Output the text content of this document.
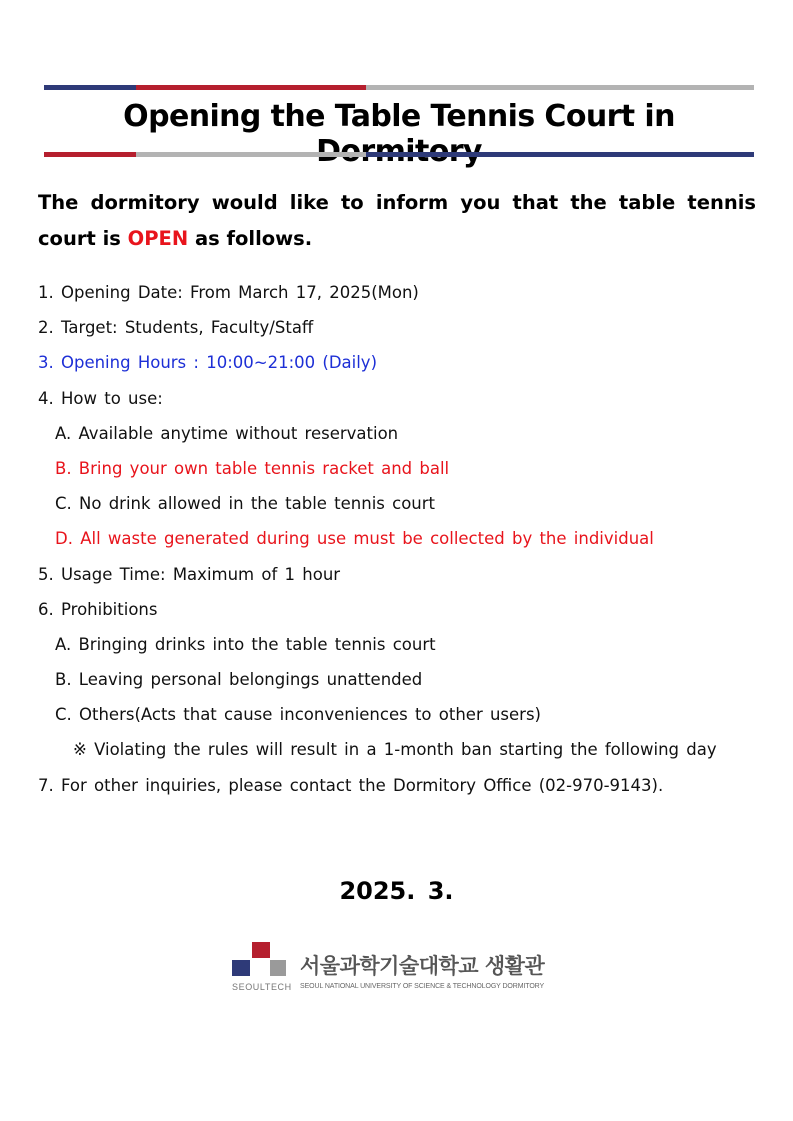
Opening the Table Tennis Court in

The dormitory would like to inform you that the table tennis court is OPEN as follows.

1. Opening Date: From March 17, 2025(Mon)
2. Target: Students, Faculty/Staff
3. Opening Hours : 10:00~21:00 (Daily)
4. How to use:
A. Available anytime without reservation
B. Bring your own table tennis racket and ball
C. No drink allowed in the table tennis court
D. All waste generated during use must be collected by the individual
5. Usage Time: Maximum of 1 hour
6. Prohibitions
A. Bringing drinks into the table tennis court
B. Leaving personal belongings unattended
C. Others(Acts that cause inconveniences to other users)
※ Violating the rules will result in a 1-month ban starting the following day
7. For other inquiries, please contact the Dormitory Office (02-970-9143).
2025. 3.
SEOULTECH
서울과학기술대학교 생활관
SEOUL NATIONAL UNIVERSITY OF SCIENCE & TECHNOLOGY DORMITORY
